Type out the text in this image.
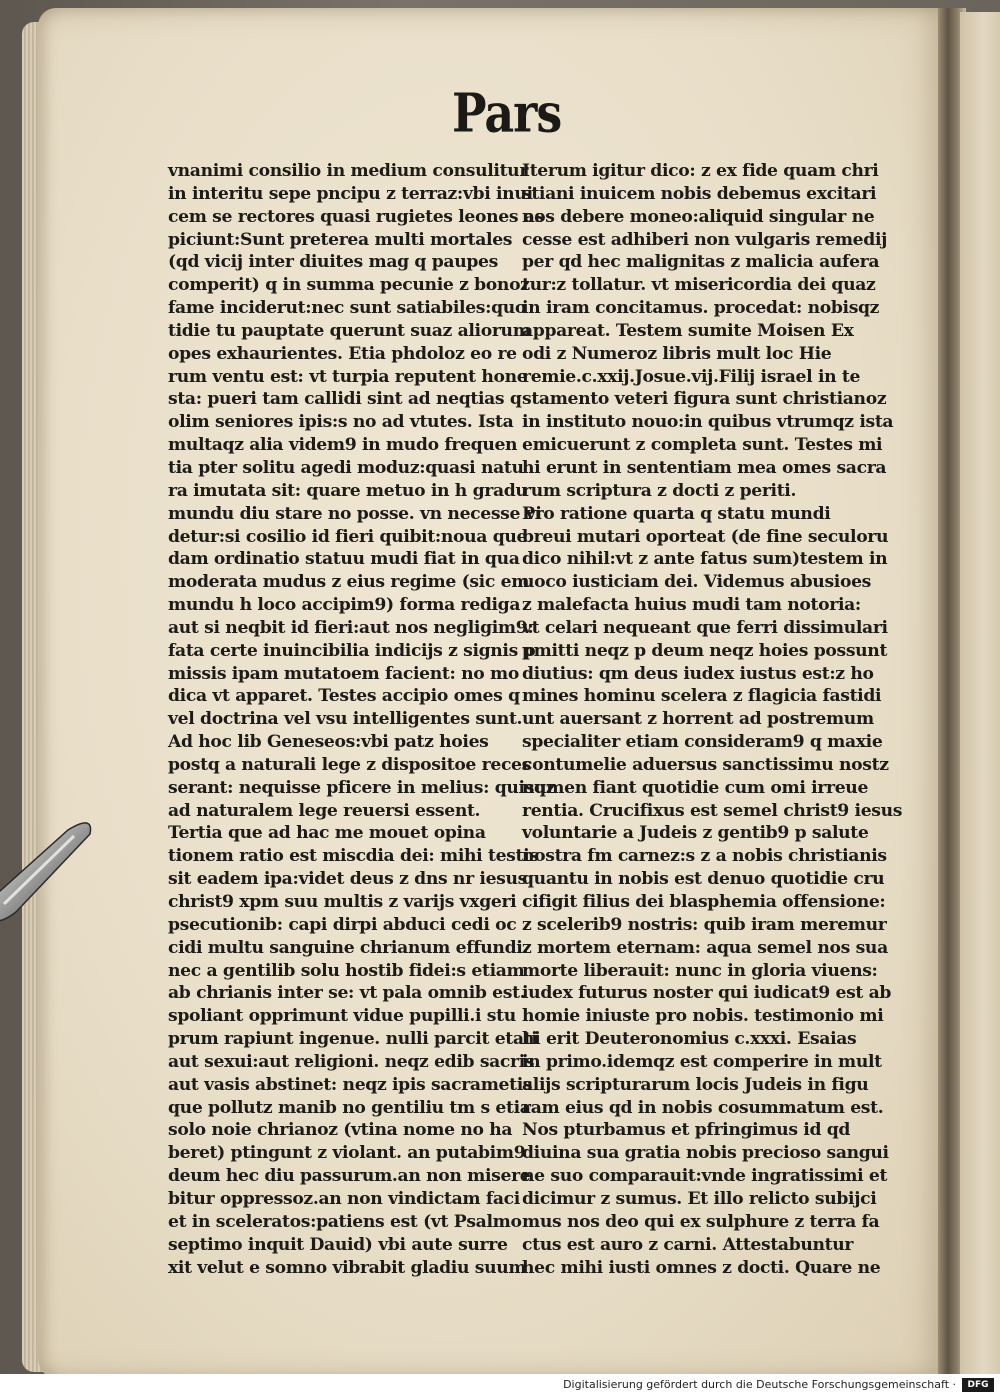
Pars
vnanimi consilio in medium consulitur
in interitu sepe pncipu z terraz:vbi inui
cem se rectores quasi rugietes leones as
piciunt:Sunt preterea multi mortales
(qd vicij inter diuites mag q paupes
comperit) q in summa pecunie z bonoz
fame inciderut:nec sunt satiabiles:quo
tidie tu pauptate querunt suaz aliorum
opes exhaurientes. Etia phdoloz eo re
rum ventu est: vt turpia reputent hone
sta: pueri tam callidi sint ad neqtias q
olim seniores ipis:s no ad vtutes. Ista
multaqz alia videm9 in mudo frequen
tia pter solitu agedi moduz:quasi natu
ra imutata sit: quare metuo in h gradu
mundu diu stare no posse. vn necesse vi
detur:si cosilio id fieri quibit:noua que
dam ordinatio statuu mudi fiat in qua
moderata mudus z eius regime (sic em
mundu h loco accipim9) forma rediga
aut si neqbit id fieri:aut nos negligim9:
fata certe inuincibilia indicijs z signis p
missis ipam mutatoem facient: no mo
dica vt apparet. Testes accipio omes q
vel doctrina vel vsu intelligentes sunt.
Ad hoc lib Geneseos:vbi patz hoies
postq a naturali lege z dispositoe reces
serant: nequisse pficere in melius: quisqz
ad naturalem lege reuersi essent.
Tertia que ad hac me mouet opina
tionem ratio est miscdia dei: mihi testis
sit eadem ipa:videt deus z dns nr iesus
christ9 xpm suu multis z varijs vxgeri
psecutionib: capi dirpi abduci cedi oc
cidi multu sanguine chrianum effundi.
nec a gentilib solu hostib fidei:s etiam
ab chrianis inter se: vt pala omnib est.
spoliant opprimunt vidue pupilli.i stu
prum rapiunt ingenue. nulli parcit etati
aut sexui:aut religioni. neqz edib sacris
aut vasis abstinet: neqz ipis sacrametis
que pollutz manib no gentiliu tm s etia
solo noie chrianoz (vtina nome no ha
beret) ptingunt z violant. an putabim9
deum hec diu passurum.an non misere
bitur oppressoz.an non vindictam faci
et in sceleratos:patiens est (vt Psalmo
septimo inquit Dauid) vbi aute surre
xit velut e somno vibrabit gladiu suum
Iterum igitur dico: z ex fide quam chri
stiani inuicem nobis debemus excitari
nos debere moneo:aliquid singular ne
cesse est adhiberi non vulgaris remedij
per qd hec malignitas z malicia aufera
tur:z tollatur. vt misericordia dei quaz
in iram concitamus. procedat: nobisqz
appareat. Testem sumite Moisen Ex
odi z Numeroz libris mult loc Hie
remie.c.xxij.Josue.vij.Filij israel in te
stamento veteri figura sunt christianoz
in instituto nouo:in quibus vtrumqz ista
emicuerunt z completa sunt. Testes mi
hi erunt in sententiam mea omes sacra
rum scriptura z docti z periti.
Pro ratione quarta q statu mundi
breui mutari oporteat (de fine seculoru
dico nihil:vt z ante fatus sum)testem in
uoco iusticiam dei. Videmus abusioes
z malefacta huius mudi tam notoria:
vt celari nequeant que ferri dissimulari
pmitti neqz p deum neqz hoies possunt
diutius: qm deus iudex iustus est:z ho
mines hominu scelera z flagicia fastidi
unt auersant z horrent ad postremum
specialiter etiam consideram9 q maxie
contumelie aduersus sanctissimu nostz
numen fiant quotidie cum omi irreue
rentia. Crucifixus est semel christ9 iesus
voluntarie a Judeis z gentib9 p salute
nostra fm carnez:s z a nobis christianis
quantu in nobis est denuo quotidie cru
cifigit filius dei blasphemia offensione:
z scelerib9 nostris: quib iram meremur
z mortem eternam: aqua semel nos sua
morte liberauit: nunc in gloria viuens:
iudex futurus noster qui iudicat9 est ab
homie iniuste pro nobis. testimonio mi
hi erit Deuteronomius c.xxxi. Esaias
in primo.idemqz est comperire in mult
alijs scripturarum locis Judeis in figu
ram eius qd in nobis cosummatum est.
Nos pturbamus et pfringimus id qd
diuina sua gratia nobis precioso sangui
ne suo comparauit:vnde ingratissimi et
dicimur z sumus. Et illo relicto subijci
mus nos deo qui ex sulphure z terra fa
ctus est auro z carni. Attestabuntur
hec mihi iusti omnes z docti. Quare ne
Digitalisierung gefördert durch die Deutsche Forschungsgemeinschaft ·	DFG
